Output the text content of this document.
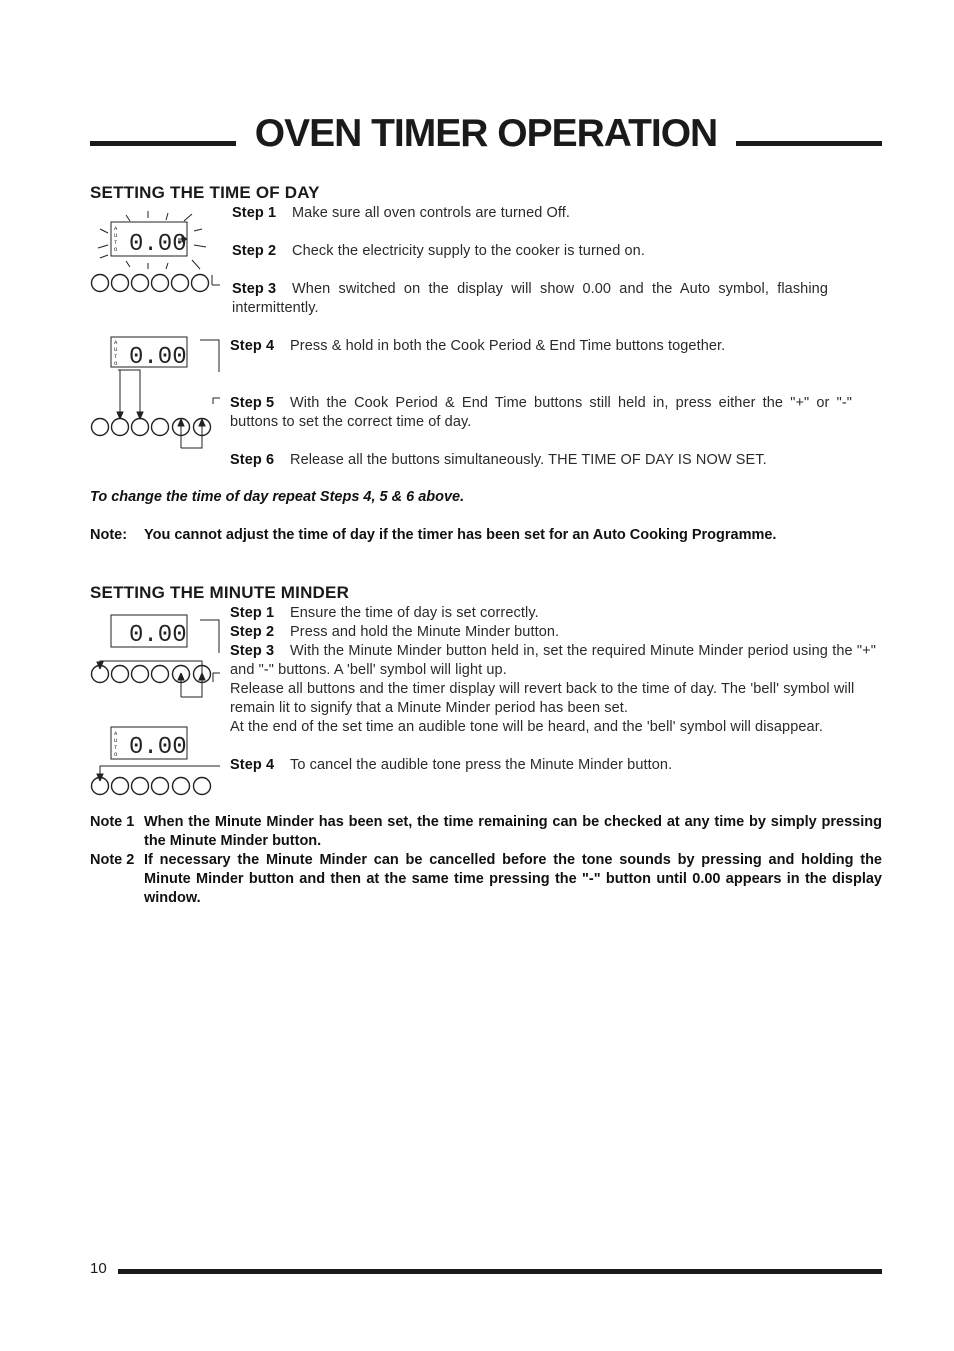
OVEN TIMER OPERATION
SETTING THE TIME OF DAY
A
U
T
O 0.00
A
U
T
O 0.00
Step 1 Make sure all oven controls are turned Off.
Step 2 Check the electricity supply to the cooker is turned on.
Step 3 When switched on the display will show 0.00 and the Auto symbol, flashing intermittently.
Step 4 Press & hold in both the Cook Period & End Time buttons together.
Step 5 With the Cook Period & End Time buttons still held in, press either the "+" or "-" buttons to set the correct time of day.
Step 6 Release all the buttons simultaneously. THE TIME OF DAY IS NOW SET.
To change the time of day repeat Steps 4, 5 & 6 above.
Note: You cannot adjust the time of day if the timer has been set for an Auto Cooking Programme.
SETTING THE MINUTE MINDER
0.00
A
U
T
O 0.00
Step 1 Ensure the time of day is set correctly.
Step 2 Press and hold the Minute Minder button.
Step 3 With the Minute Minder button held in, set the required Minute Minder period using the "+" and "-" buttons. A 'bell' symbol will light up.
Release all buttons and the timer display will revert back to the time of day. The 'bell' symbol will remain lit to signify that a Minute Minder period has been set.
At the end of the set time an audible tone will be heard, and the 'bell' symbol will disappear.
Step 4 To cancel the audible tone press the Minute Minder button.
Note 1 When the Minute Minder has been set, the time remaining can be checked at any time by simply pressing the Minute Minder button.
Note 2 If necessary the Minute Minder can be cancelled before the tone sounds by pressing and holding the Minute Minder button and then at the same time pressing the "-" button until 0.00 appears in the display window.
10
